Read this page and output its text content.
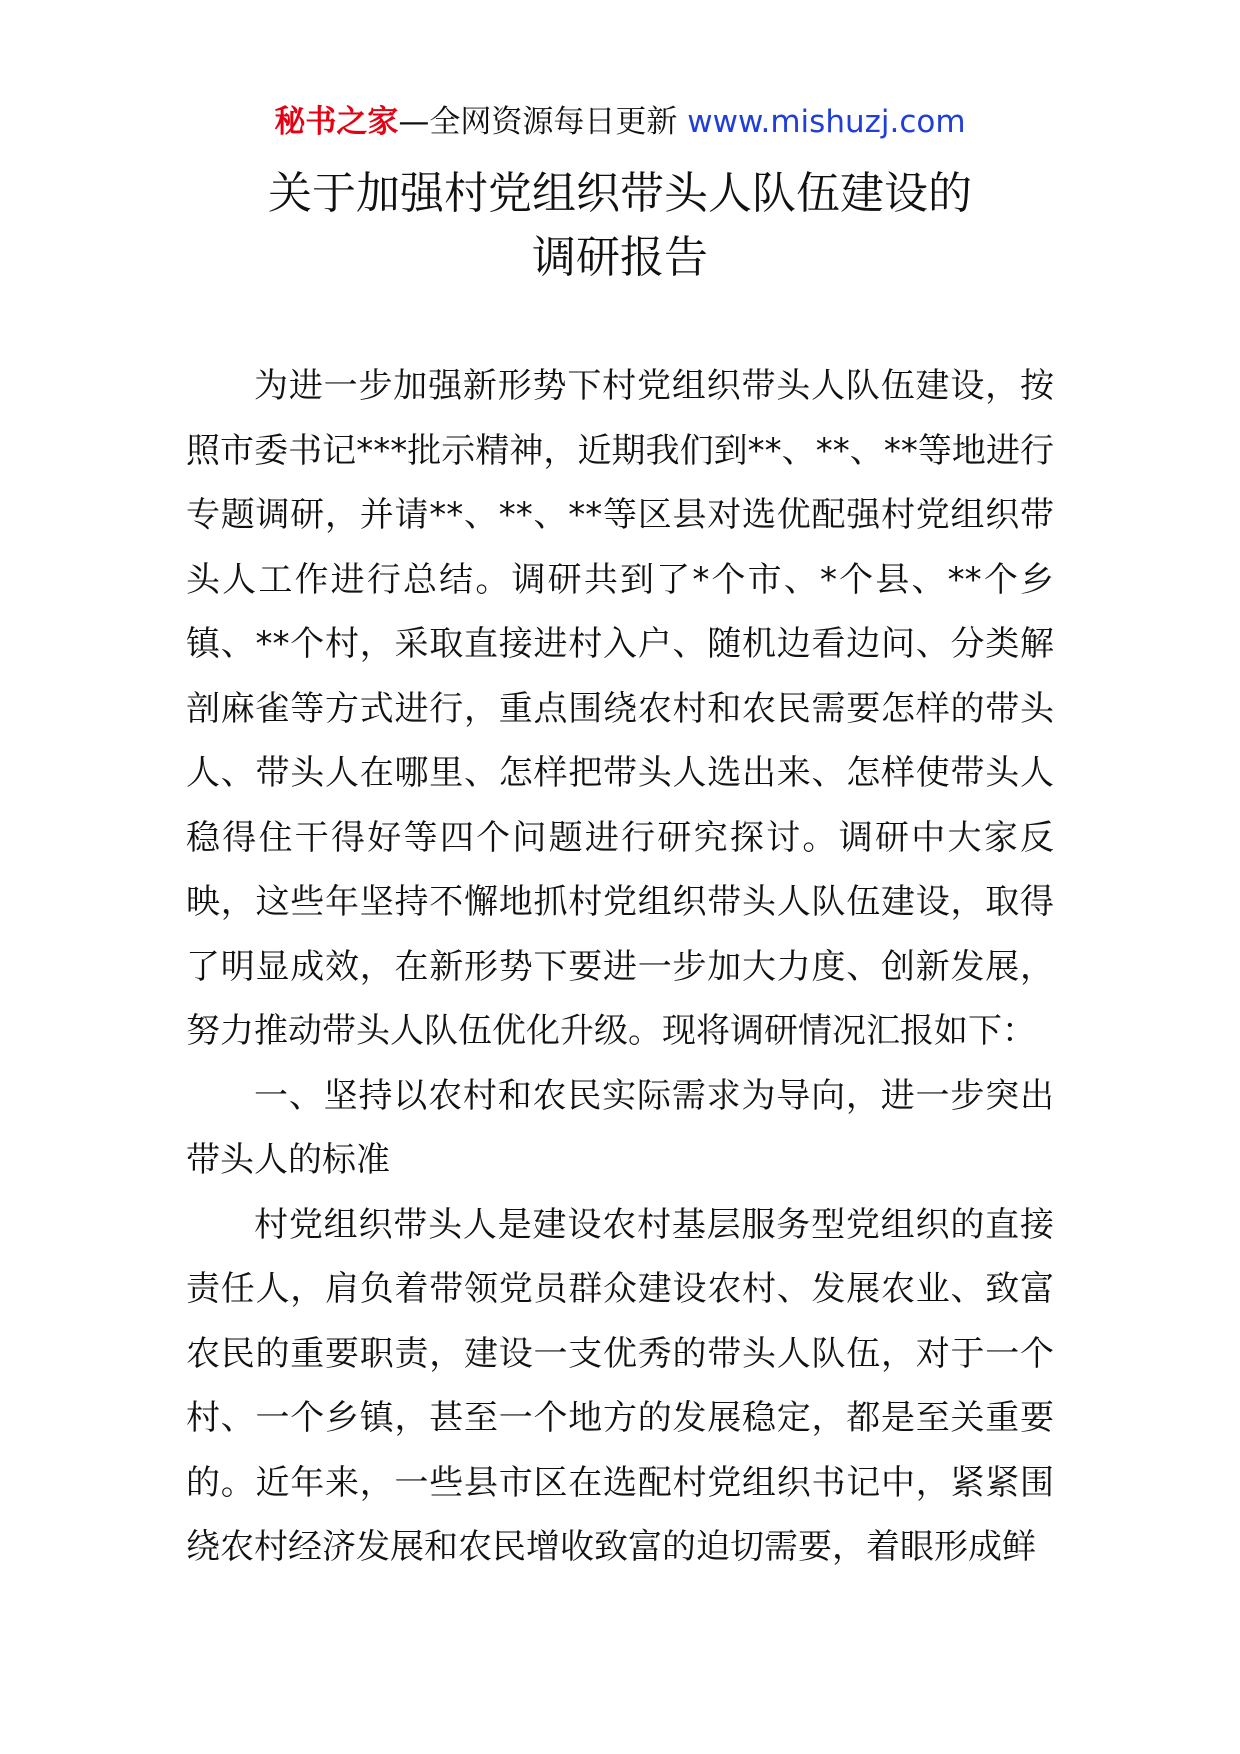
秘书之家—全网资源每日更新 www.mishuzj.com
关于加强村党组织带头人队伍建设的
调研报告

为进一步加强新形势下村党组织带头人队伍建设，按照市委书记***批示精神，近期我们到**、**、**等地进行专题调研，并请**、**、**等区县对选优配强村党组织带头人工作进行总结。调研共到了*个市、*个县、**个乡镇、**个村，采取直接进村入户、随机边看边问、分类解剖麻雀等方式进行，重点围绕农村和农民需要怎样的带头人、带头人在哪里、怎样把带头人选出来、怎样使带头人稳得住干得好等四个问题进行研究探讨。调研中大家反映，这些年坚持不懈地抓村党组织带头人队伍建设，取得了明显成效，在新形势下要进一步加大力度、创新发展，努力推动带头人队伍优化升级。现将调研情况汇报如下：

一、坚持以农村和农民实际需求为导向，进一步突出带头人的标准

村党组织带头人是建设农村基层服务型党组织的直接责任人，肩负着带领党员群众建设农村、发展农业、致富农民的重要职责，建设一支优秀的带头人队伍，对于一个村、一个乡镇，甚至一个地方的发展稳定，都是至关重要的。近年来，一些县市区在选配村党组织书记中，紧紧围绕农村经济发展和农民增收致富的迫切需要，着眼形成鲜
